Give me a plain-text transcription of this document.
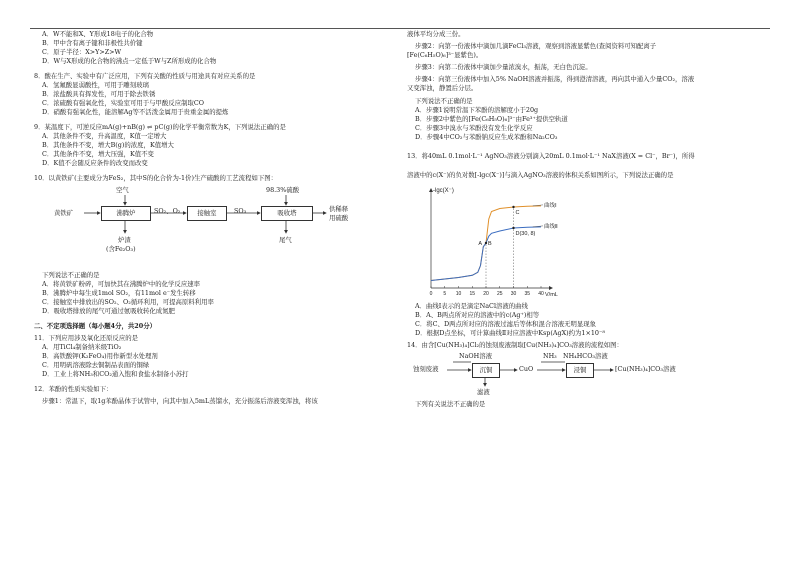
A．W不能和X、Y形成18电子的化合物

B．甲中含有离子键和非极性共价键

C．原子半径：X>Y>Z>W

D．W与X形成的化合物的沸点一定低于W与Z所形成的化合物

8．酸在生产、实验中有广泛应用，下列有关酸的性质与用途具有对应关系的是

A．氢氟酸显弱酸性，可用于雕刻玻璃

B．浓盐酸具有挥发性，可用于除去铁锈

C．浓硫酸有强氧化性，实验室可用于与甲酸反应制取CO

D．硝酸有强氧化性，能溶解Ag等不活泼金属用于贵重金属的提炼

9．某温度下，可逆反应mA(g)+nB(g) ⇌ pC(g)的化学平衡常数为K，下列说法正确的是

A．其他条件不变，升高温度，K值一定增大

B．其他条件不变，增大B(g)的浓度，K值增大

C．其他条件不变，增大压强，K值不变

D．K值不会随反应条件的改变而改变

10．以黄铁矿(主要成分为FeS₂，其中S的化合价为-1价)生产硫酸的工艺流程如下图：

黄铁矿
空气
沸腾炉
炉渣
(含Fe₂O₃)
SO₂、O₂	接触室	SO₃
98.3%硫酸
吸收塔
尾气
供稀释
用硫酸

下列说法不正确的是

A．将黄铁矿粉碎，可加快其在沸腾炉中的化学反应速率

B．沸腾炉中每生成1mol SO₂，有11mol e⁻发生转移

C．接触室中排放出的SO₂、O₂循环利用，可提高原料利用率

D．吸收塔排放的尾气可通过氨吸收转化成氮肥

二、不定项选择题（每小题4分，共20分）

11．下列应用涉及氧化还原反应的是

A．用TiCl₄制备纳米级TiO₂

B．高铁酸钾(K₂FeO₄)用作新型水处理剂

C．用明矾溶液除去铜制品表面的铜绿

D．工业上将NH₃和CO₂通入饱和食盐水制备小苏打

12．苯酚的性质实验如下：

步骤1：常温下，取1g苯酚晶体于试管中，向其中加入5mL蒸馏水，充分振荡后溶液变浑浊，将该

液体平均分成三份。

步骤2：向第一份液体中滴加几滴FeCl₃溶液，观察到溶液显紫色(查阅资料可知配离子

[Fe(C₆H₅O)₆]³⁻显紫色)。

步骤3：向第二份液体中滴加少量浓溴水，振荡，无白色沉淀。

步骤4：向第三份液体中加入5% NaOH溶液并振荡，得到澄清溶液，再向其中通入少量CO₂，溶液

又变浑浊，静置后分层。

下列说法不正确的是

A．步骤1说明常温下苯酚的溶解度小于20g

B．步骤2中紫色的[Fe(C₆H₅O)₆]³⁻由Fe³⁺提供空轨道

C．步骤3中溴水与苯酚没有发生化学反应

D．步骤4中CO₂与苯酚钠反应生成苯酚和Na₂CO₃

13．将40mL 0.1mol·L⁻¹ AgNO₃溶液分别滴入20mL 0.1mol·L⁻¹ NaX溶液(X = Cl⁻，Br⁻)，所得

溶液中的c(X⁻)的负对数[-lgc(X⁻)]与滴入AgNO₃溶液的体积关系如图所示，下列说法正确的是

-lgc(X⁻)
V/mL
0 5 10 15 20 25 30 35 40
曲线Ⅰ
曲线Ⅱ
A B
C
D(30, 8)

A．曲线Ⅰ表示的是滴定NaCl溶液的曲线

B．A、B两点所对应的溶液中的c(Ag⁺)相等

C．将C、D两点所对应的溶液过滤后等体积混合溶液无明显现象

D．根据D点坐标，可计算曲线Ⅱ对应溶液中Ksp(AgX)约为1×10⁻⁸

14．由含[Cu(NH₃)₄]Cl₂的蚀刻废液制取[Cu(NH₃)₄]CO₃溶液的流程如图：

蚀刻废液
NaOH溶液
沉铜
滤液
CuO
NH₃ NH₄HCO₃溶液
浸铜	[Cu(NH₃)₄]CO₃溶液

下列有关说法不正确的是
